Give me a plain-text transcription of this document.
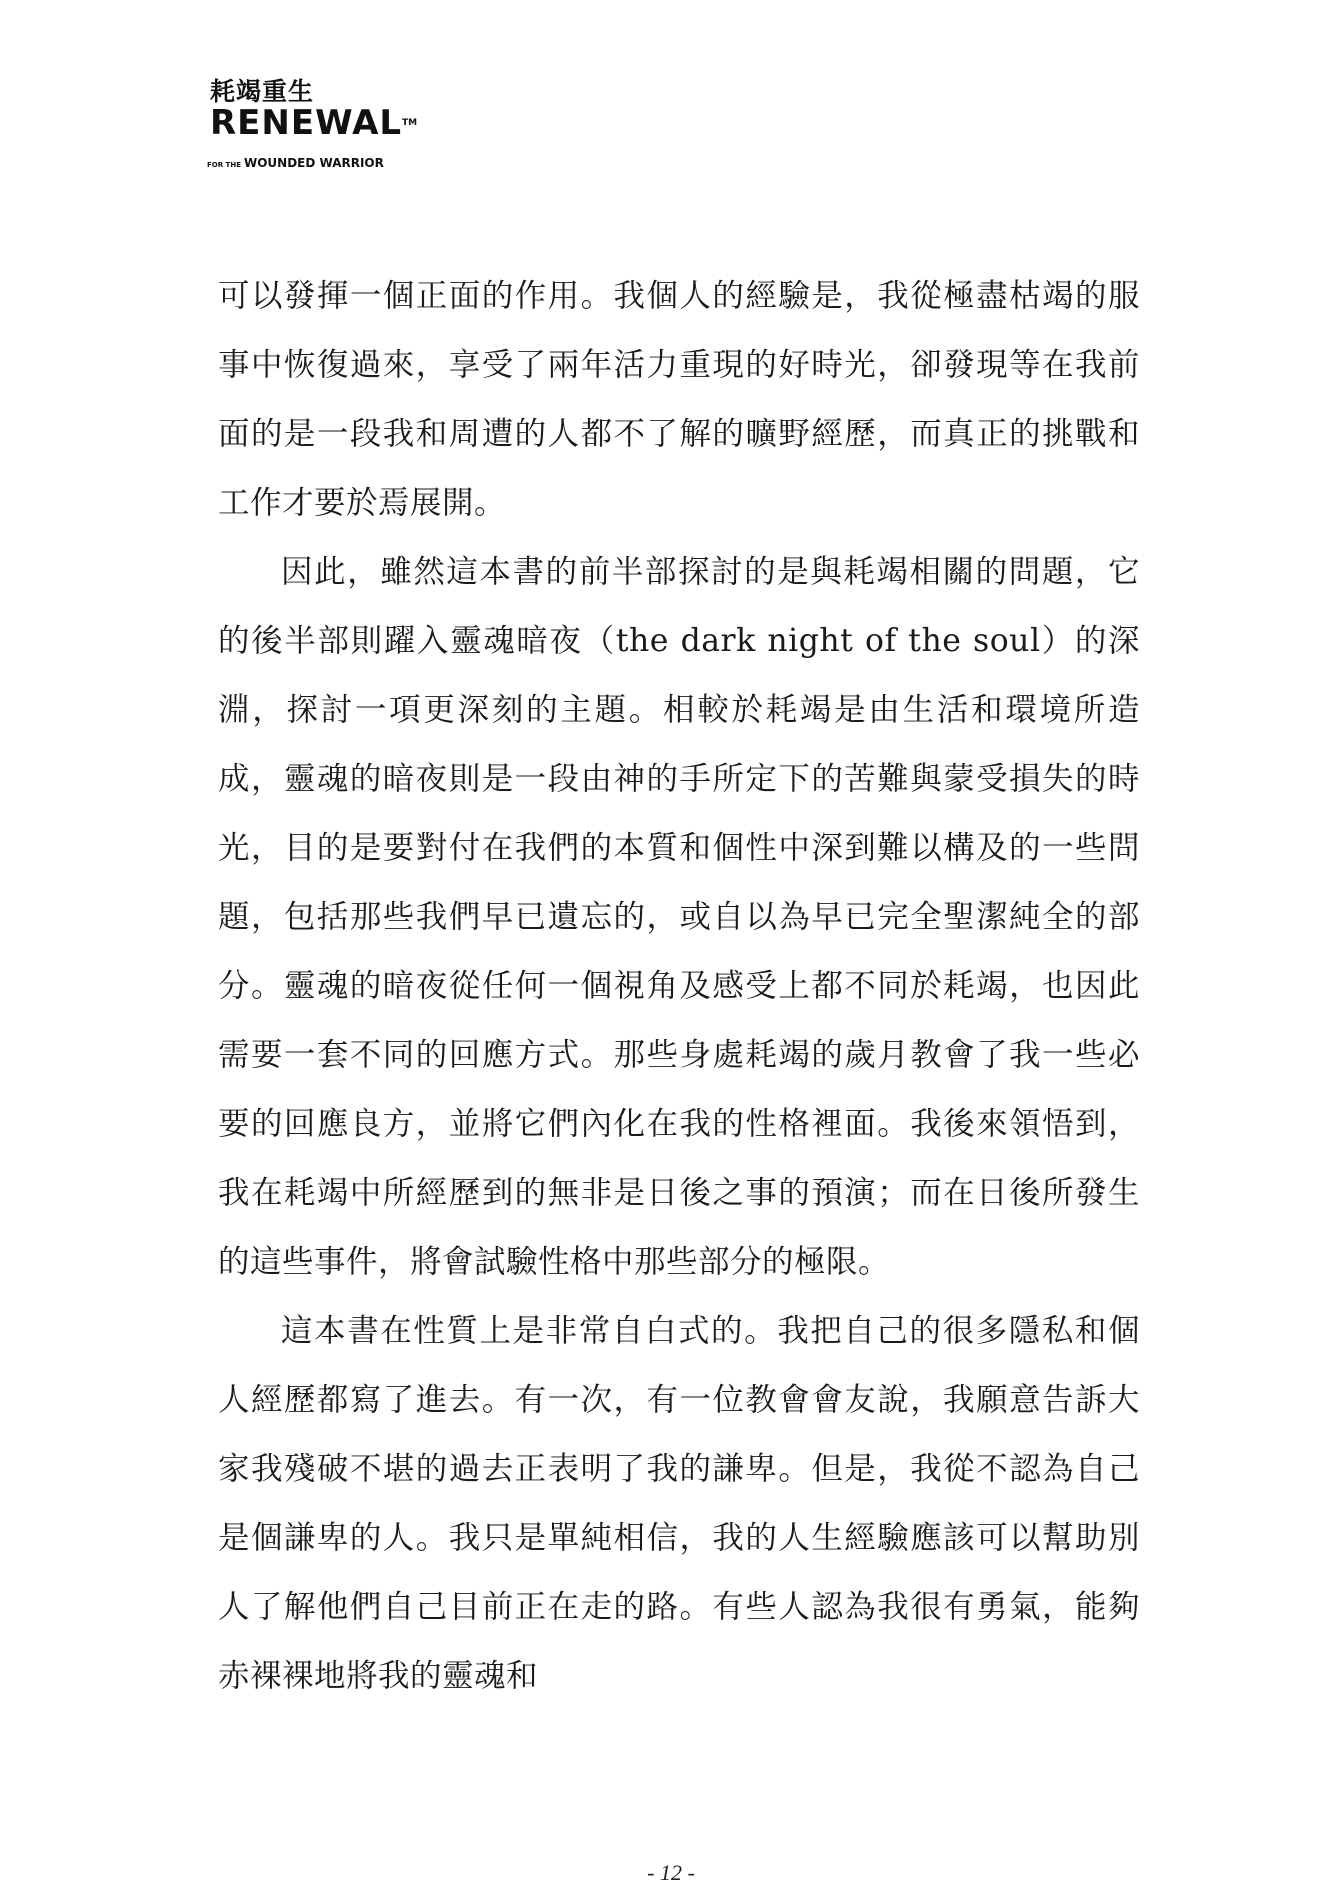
耗竭重生
RENEWALTM
FOR THE WOUNDED WARRIOR

可以發揮一個正面的作用。我個人的經驗是，我從極盡枯竭的服事中恢復過來，享受了兩年活力重現的好時光，卻發現等在我前面的是一段我和周遭的人都不了解的曠野經歷，而真正的挑戰和工作才要於焉展開。

因此，雖然這本書的前半部探討的是與耗竭相關的問題，它的後半部則躍入靈魂暗夜（the dark night of the soul）的深淵，探討一項更深刻的主題。相較於耗竭是由生活和環境所造成，靈魂的暗夜則是一段由神的手所定下的苦難與蒙受損失的時光，目的是要對付在我們的本質和個性中深到難以構及的一些問題，包括那些我們早已遺忘的，或自以為早已完全聖潔純全的部分。靈魂的暗夜從任何一個視角及感受上都不同於耗竭，也因此需要一套不同的回應方式。那些身處耗竭的歲月教會了我一些必要的回應良方，並將它們內化在我的性格裡面。我後來領悟到，我在耗竭中所經歷到的無非是日後之事的預演；而在日後所發生的這些事件，將會試驗性格中那些部分的極限。

這本書在性質上是非常自白式的。我把自己的很多隱私和個人經歷都寫了進去。有一次，有一位教會會友說，我願意告訴大家我殘破不堪的過去正表明了我的謙卑。但是，我從不認為自己是個謙卑的人。我只是單純相信，我的人生經驗應該可以幫助別人了解他們自己目前正在走的路。有些人認為我很有勇氣，能夠赤裸裸地將我的靈魂和

- 12 -
